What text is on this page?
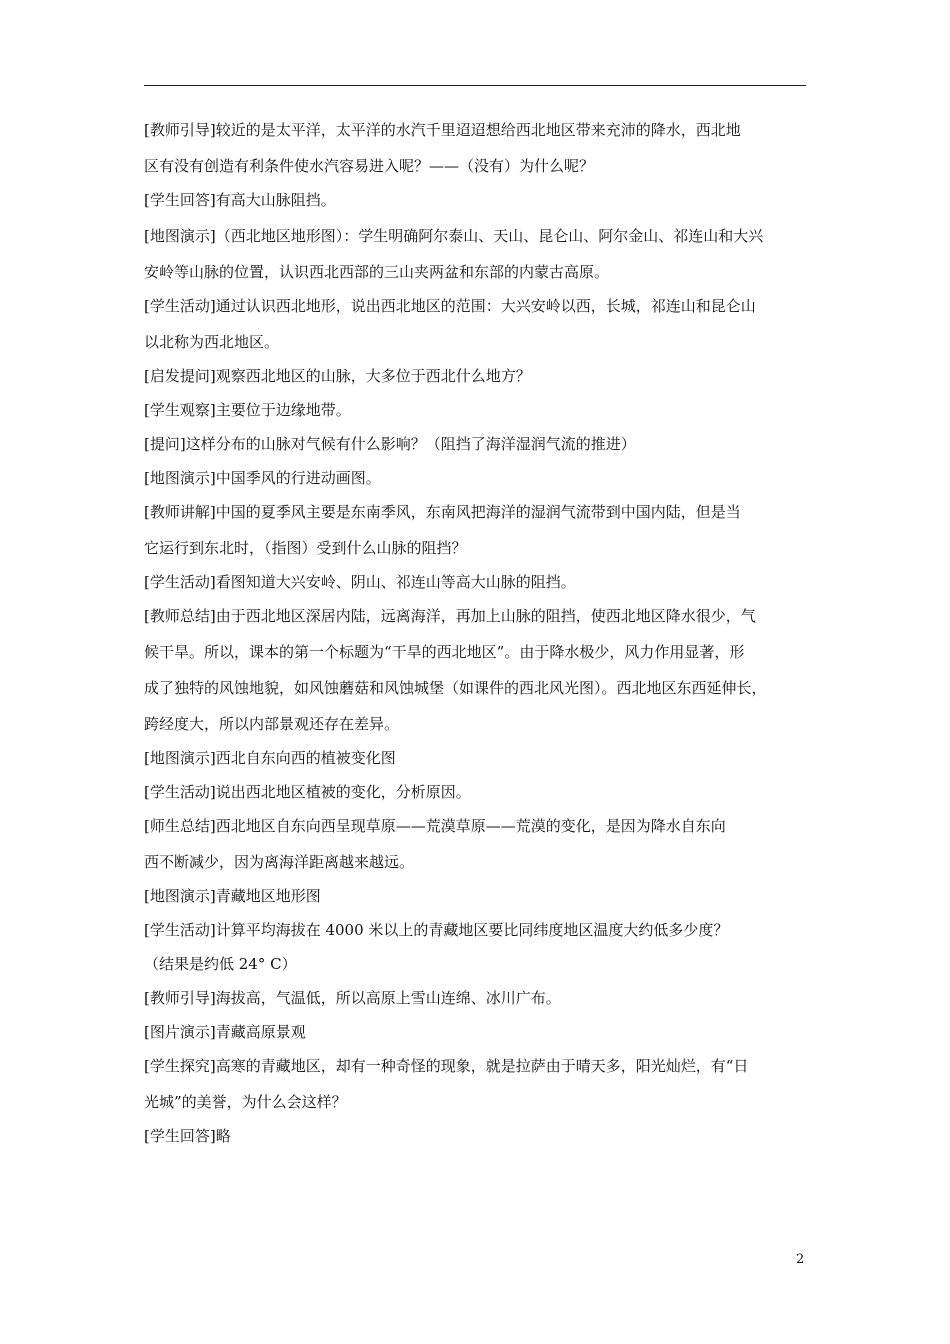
[教师引导]较近的是太平洋，太平洋的水汽千里迢迢想给西北地区带来充沛的降水，西北地
区有没有创造有利条件使水汽容易进入呢？——（没有）为什么呢？
[学生回答]有高大山脉阻挡。
[地图演示]（西北地区地形图）：学生明确阿尔泰山、天山、昆仑山、阿尔金山、祁连山和大兴
安岭等山脉的位置，认识西北西部的三山夹两盆和东部的内蒙古高原。
[学生活动]通过认识西北地形，说出西北地区的范围：大兴安岭以西，长城，祁连山和昆仑山
以北称为西北地区。
[启发提问]观察西北地区的山脉，大多位于西北什么地方？
[学生观察]主要位于边缘地带。
[提问]这样分布的山脉对气候有什么影响？（阻挡了海洋湿润气流的推进）
[地图演示]中国季风的行进动画图。
[教师讲解]中国的夏季风主要是东南季风，东南风把海洋的湿润气流带到中国内陆，但是当
它运行到东北时，（指图）受到什么山脉的阻挡？
[学生活动]看图知道大兴安岭、阴山、祁连山等高大山脉的阻挡。
[教师总结]由于西北地区深居内陆，远离海洋，再加上山脉的阻挡，使西北地区降水很少，气
候干旱。所以，课本的第一个标题为“干旱的西北地区”。由于降水极少，风力作用显著，形
成了独特的风蚀地貌，如风蚀蘑菇和风蚀城堡（如课件的西北风光图）。西北地区东西延伸长，
跨经度大，所以内部景观还存在差异。
[地图演示]西北自东向西的植被变化图
[学生活动]说出西北地区植被的变化，分析原因。
[师生总结]西北地区自东向西呈现草原——荒漠草原——荒漠的变化，是因为降水自东向
西不断减少，因为离海洋距离越来越远。
[地图演示]青藏地区地形图
[学生活动]计算平均海拔在 4000 米以上的青藏地区要比同纬度地区温度大约低多少度？
（结果是约低 24° C）
[教师引导]海拔高，气温低，所以高原上雪山连绵、冰川广布。
[图片演示]青藏高原景观
[学生探究]高寒的青藏地区，却有一种奇怪的现象，就是拉萨由于晴天多，阳光灿烂，有“日
光城”的美誉，为什么会这样？
[学生回答]略
2
